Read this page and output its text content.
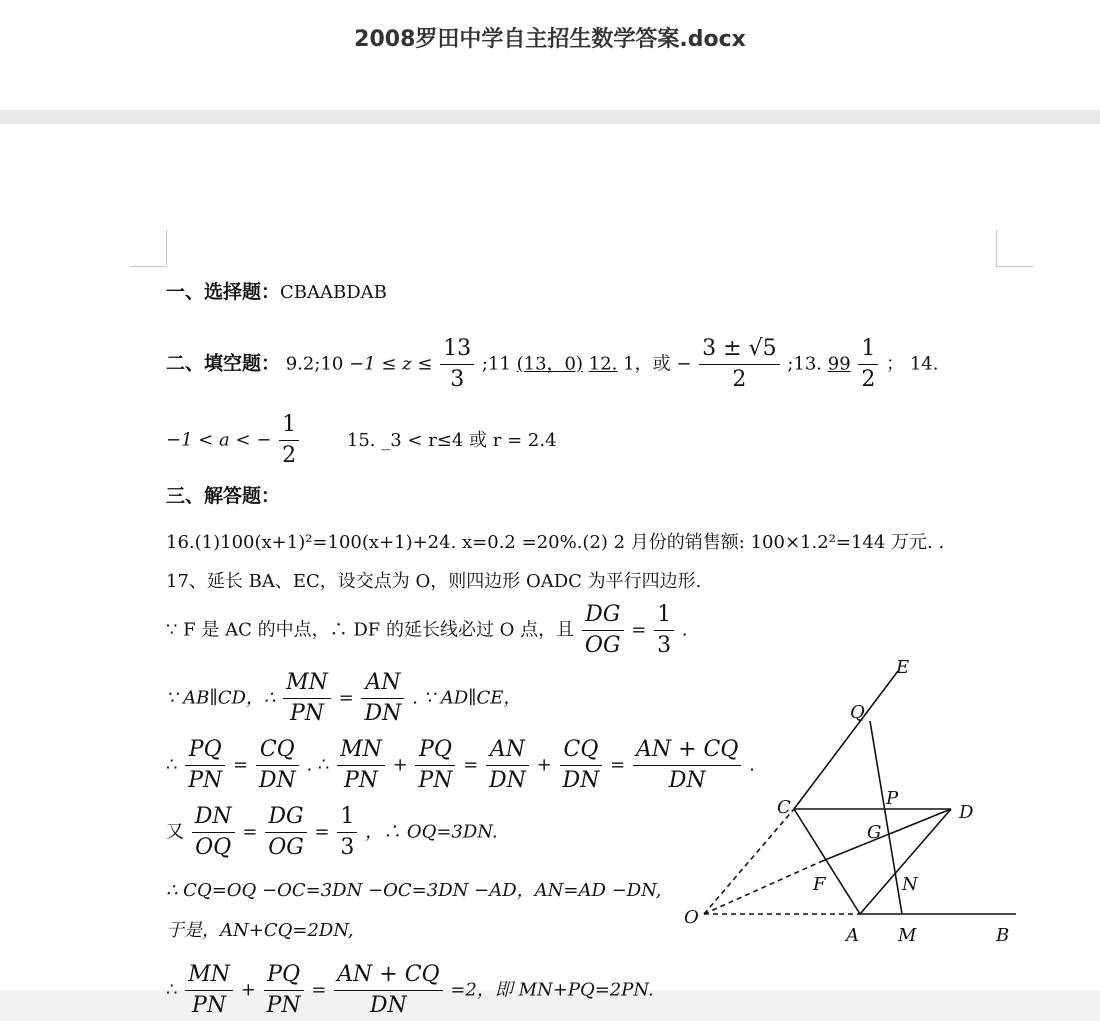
2008罗田中学自主招生数学答案.docx
一、选择题：CBAABDAB
二、填空题： 9.2;10 $-1 \le z \le \frac{13}{3}$ ;11 (13，0) 12. 1，或 − $\frac{3 \pm √5}{2}$ ;13. $99 \frac{1}{2}$ ； 14.
−1 < a < − $\frac{1}{2}$	15. _3 < r≤4 或 r = 2.4
三、解答题：
16.(1)100(x+1)²=100(x+1)+24. x=0.2 =20%.(2) 2 月份的销售额: 100×1.2²=144 万元. .
17、延长 BA、EC，设交点为 O，则四边形 OADC 为平行四边形.
∵ F 是 AC 的中点，∴ DF 的延长线必过 O 点，且 $\frac{DG}{OG} = \frac{1}{3}$ .
∵ AB∥CD，∴ $\frac{MN}{PN} = \frac{AN}{DN}$ . ∵ AD∥CE，
∴ $\frac{PQ}{PN} = \frac{CQ}{DN}$ . ∴ $\frac{MN}{PN} + \frac{PQ}{PN} = \frac{AN}{DN} + \frac{CQ}{DN} = \frac{AN + CQ}{DN}$ .
又 $\frac{DN}{OQ} = \frac{DG}{OG} = \frac{1}{3}$ ，∴ OQ=3DN.
∴ CQ=OQ −OC=3DN −OC=3DN −AD，AN=AD −DN,
于是，AN+CQ=2DN,
∴ $\frac{MN}{PN} + \frac{PQ}{PN} = \frac{AN + CQ}{DN} =2$，即 MN+PQ=2PN.
E
Q
P
C	D
G
F	N
O
A M	B
